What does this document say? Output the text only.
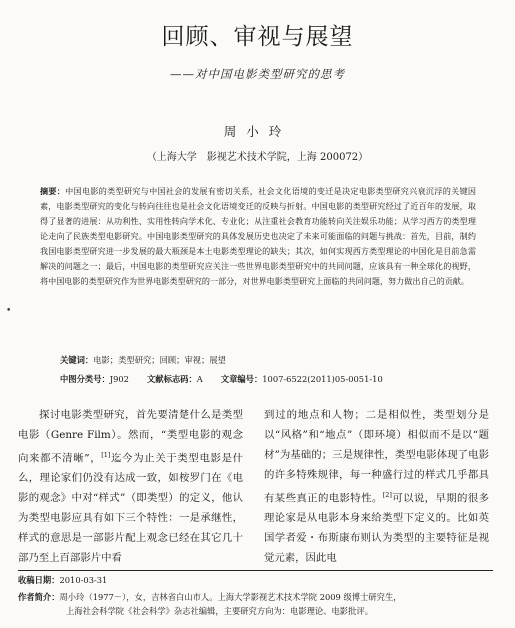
回顾、审视与展望
——对中国电影类型研究的思考
周小玲
（上海大学　影视艺术技术学院，上海 200072）
摘要：中国电影的类型研究与中国社会的发展有密切关系，社会文化语境的变迁是决定电影类型研究兴衰沉浮的关键因素，电影类型研究的变化与转向往往也是社会文化语境变迁的反映与折射。中国电影的类型研究经过了近百年的发展，取得了显著的进展：从功利性、实用性转向学术化、专业化；从注重社会教育功能转向关注娱乐功能；从学习西方的类型理论走向了民族类型电影研究。中国电影类型研究的具体发展历史也决定了未来可能面临的问题与挑战：首先，目前，制约我国电影类型研究进一步发展的最大瓶颈是本土电影类型理论的缺失；其次，如何实现西方类型理论的中国化是目前急需解决的问题之一；最后，中国电影的类型研究应关注一些世界电影类型研究中的共同问题，应该具有一种全球化的视野，将中国电影的类型研究作为世界电影类型研究的一部分，对世界电影类型研究上面临的共同问题，努力做出自己的贡献。
•
关键词：电影；类型研究；回顾；审视；展望
中图分类号：J902 文献标志码：A 文章编号：1007-6522(2011)05-0051-10
探讨电影类型研究，首先要清楚什么是类型电影（Genre Film）。然而，“类型电影的观念向来都不清晰”，[1]迄今为止关于类型电影是什么，理论家们仍没有达成一致，如桉罗门在《电影的观念》中对“样式”（即类型）的定义，他认为类型电影应具有如下三个特性：一是承继性，样式的意思是一部影片配上观念已经在其它几十部乃至上百部影片中看
到过的地点和人物；二是相似性，类型划分是以“风格”和“地点”（即环境）相似而不是以“题材”为基础的；三是规律性，类型电影体现了电影的许多特殊规律，每一种盛行过的样式几乎都具有某些真正的电影特性。[2]可以说，早期的很多理论家是从电影本身来给类型下定义的。比如英国学者爱・布斯康布则认为类型的主要特征是视觉元素，因此电
收稿日期：2010-03-31
作者简介：周小玲（1977－），女，吉林省白山市人。上海大学影视艺术技术学院 2009 级博士研究生，
上海社会科学院《社会科学》杂志社编辑，主要研究方向为：电影理论、电影批评。
